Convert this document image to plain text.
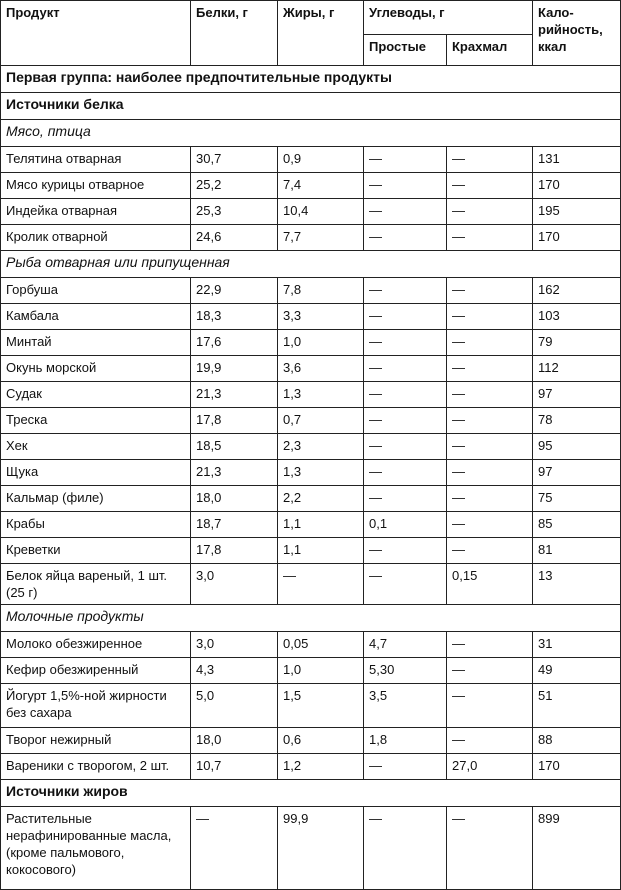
Продукт	Белки, г	Жиры, г	Углеводы, г		Кало-
рийность,
ккал
			Простые	Крахмал	
Первая группа: наиболее предпочтительные продукты					
Источники белка					
Мясо, птица					
Телятина отварная	30,7	0,9	—	—	131
Мясо курицы отварное	25,2	7,4	—	—	170
Индейка отварная	25,3	10,4	—	—	195
Кролик отварной	24,6	7,7	—	—	170
Рыба отварная или припущенная					
Горбуша	22,9	7,8	—	—	162
Камбала	18,3	3,3	—	—	103
Минтай	17,6	1,0	—	—	79
Окунь морской	19,9	3,6	—	—	112
Судак	21,3	1,3	—	—	97
Треска	17,8	0,7	—	—	78
Хек	18,5	2,3	—	—	95
Щука	21,3	1,3	—	—	97
Кальмар (филе)	18,0	2,2	—	—	75
Крабы	18,7	1,1	0,1	—	85
Креветки	17,8	1,1	—	—	81
Белок яйца вареный, 1 шт. (25 г)	3,0	—	—	0,15	13
Молочные продукты					
Молоко обезжиренное	3,0	0,05	4,7	—	31
Кефир обезжиренный	4,3	1,0	5,30	—	49
Йогурт 1,5%-ной жирности без сахара	5,0	1,5	3,5	—	51
Творог нежирный	18,0	0,6	1,8	—	88
Вареники с творогом, 2 шт.	10,7	1,2	—	27,0	170
Источники жиров					
Растительные нерафинированные масла, (кроме пальмового, кокосового)	—	99,9	—	—	899
